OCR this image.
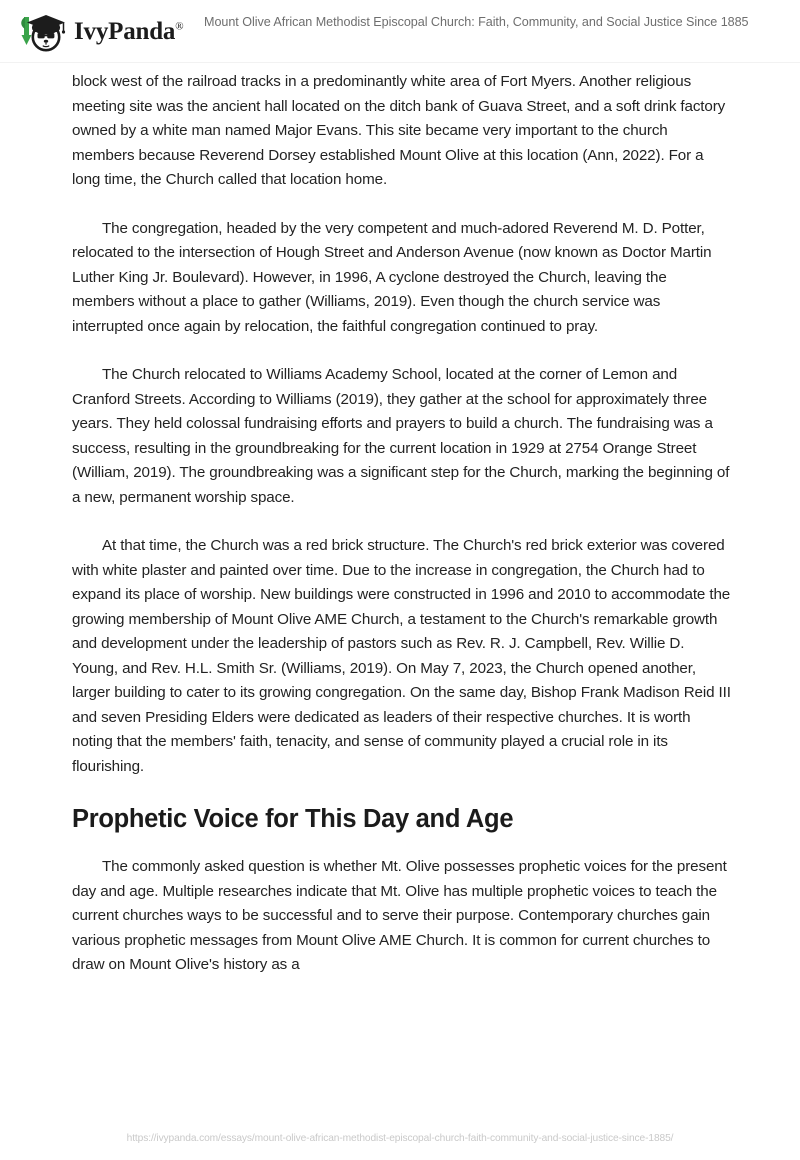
IvyPanda® Mount Olive African Methodist Episcopal Church: Faith, Community, and Social Justice Since 1885

block west of the railroad tracks in a predominantly white area of Fort Myers. Another religious meeting site was the ancient hall located on the ditch bank of Guava Street, and a soft drink factory owned by a white man named Major Evans. This site became very important to the church members because Reverend Dorsey established Mount Olive at this location (Ann, 2022). For a long time, the Church called that location home.

The congregation, headed by the very competent and much-adored Reverend M. D. Potter, relocated to the intersection of Hough Street and Anderson Avenue (now known as Doctor Martin Luther King Jr. Boulevard). However, in 1996, A cyclone destroyed the Church, leaving the members without a place to gather (Williams, 2019). Even though the church service was interrupted once again by relocation, the faithful congregation continued to pray.

The Church relocated to Williams Academy School, located at the corner of Lemon and Cranford Streets. According to Williams (2019), they gather at the school for approximately three years. They held colossal fundraising efforts and prayers to build a church. The fundraising was a success, resulting in the groundbreaking for the current location in 1929 at 2754 Orange Street (William, 2019). The groundbreaking was a significant step for the Church, marking the beginning of a new, permanent worship space.

At that time, the Church was a red brick structure. The Church's red brick exterior was covered with white plaster and painted over time. Due to the increase in congregation, the Church had to expand its place of worship. New buildings were constructed in 1996 and 2010 to accommodate the growing membership of Mount Olive AME Church, a testament to the Church's remarkable growth and development under the leadership of pastors such as Rev. R. J. Campbell, Rev. Willie D. Young, and Rev. H.L. Smith Sr. (Williams, 2019). On May 7, 2023, the Church opened another, larger building to cater to its growing congregation. On the same day, Bishop Frank Madison Reid III and seven Presiding Elders were dedicated as leaders of their respective churches. It is worth noting that the members' faith, tenacity, and sense of community played a crucial role in its flourishing.

Prophetic Voice for This Day and Age

The commonly asked question is whether Mt. Olive possesses prophetic voices for the present day and age. Multiple researches indicate that Mt. Olive has multiple prophetic voices to teach the current churches ways to be successful and to serve their purpose. Contemporary churches gain various prophetic messages from Mount Olive AME Church. It is common for current churches to draw on Mount Olive's history as a

https://ivypanda.com/essays/mount-olive-african-methodist-episcopal-church-faith-community-and-social-justice-since-1885/
